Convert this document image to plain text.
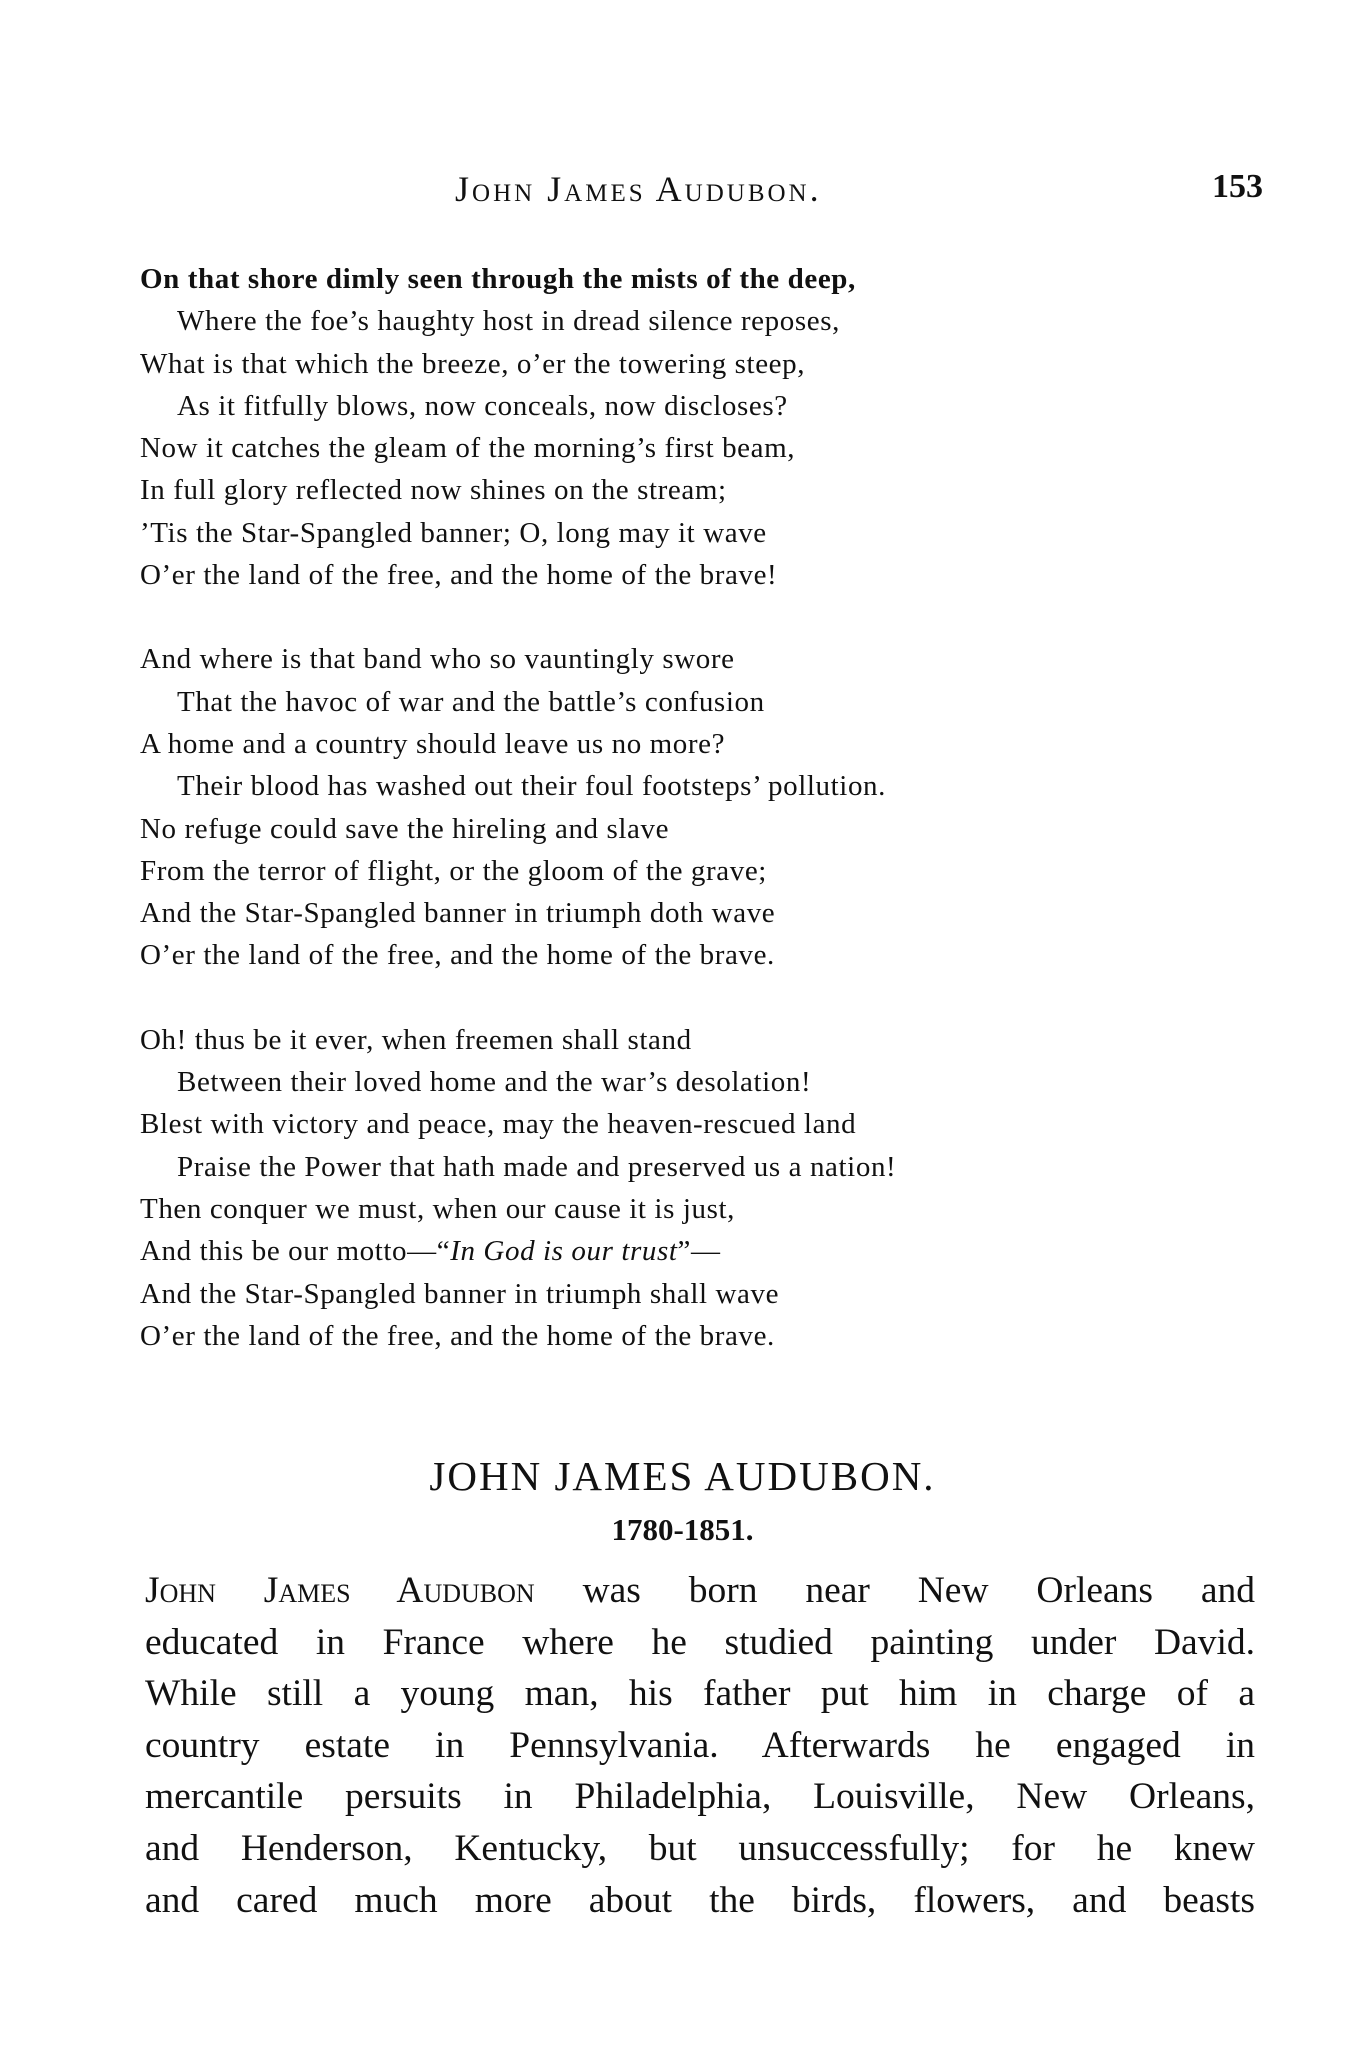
John James Audubon.	153
On that shore dimly seen through the mists of the deep,
Where the foe’s haughty host in dread silence reposes,
What is that which the breeze, o’er the towering steep,
As it fitfully blows, now conceals, now discloses?
Now it catches the gleam of the morning’s first beam,
In full glory reflected now shines on the stream;
’Tis the Star-Spangled banner; O, long may it wave
O’er the land of the free, and the home of the brave!
And where is that band who so vauntingly swore
That the havoc of war and the battle’s confusion
A home and a country should leave us no more?
Their blood has washed out their foul footsteps’ pollution.
No refuge could save the hireling and slave
From the terror of flight, or the gloom of the grave;
And the Star-Spangled banner in triumph doth wave
O’er the land of the free, and the home of the brave.
Oh! thus be it ever, when freemen shall stand
Between their loved home and the war’s desolation!
Blest with victory and peace, may the heaven-rescued land
Praise the Power that hath made and preserved us a nation!
Then conquer we must, when our cause it is just,
And this be our motto—“In God is our trust”—
And the Star-Spangled banner in triumph shall wave
O’er the land of the free, and the home of the brave.
JOHN JAMES AUDUBON.
1780-1851.
John James Audubon was born near New Orleans and
educated in France where he studied painting under David.
While still a young man, his father put him in charge of a
country estate in Pennsylvania. Afterwards he engaged in
mercantile persuits in Philadelphia, Louisville, New Orleans,
and Henderson, Kentucky, but unsuccessfully; for he knew
and cared much more about the birds, flowers, and beasts
